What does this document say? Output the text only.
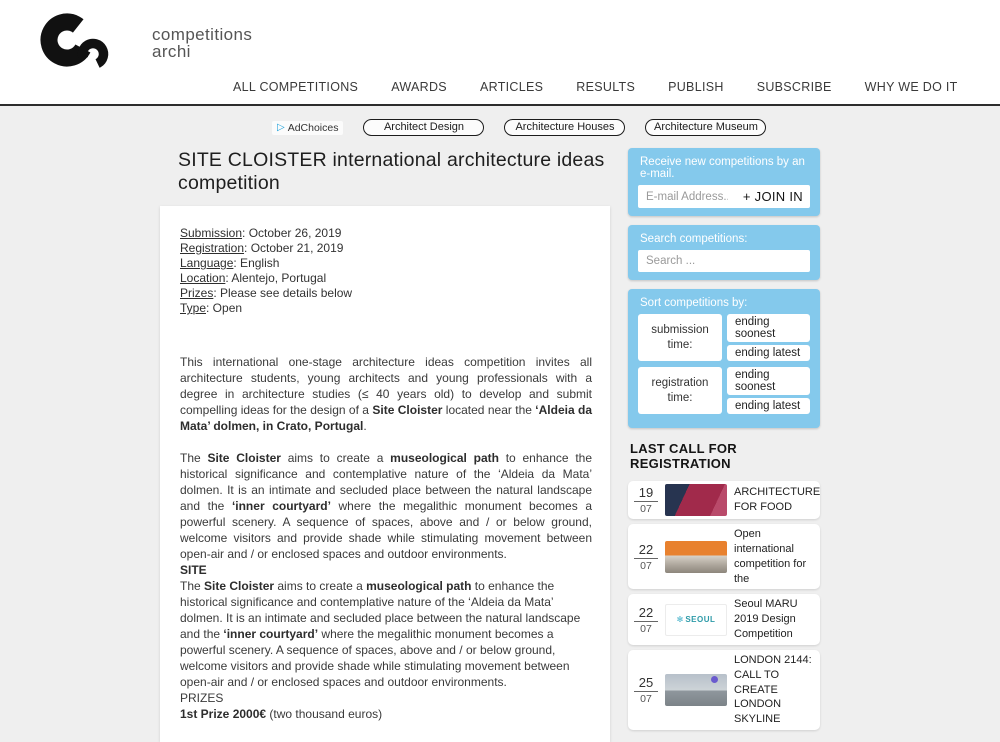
competitions
archi
ALL COMPETITIONS	AWARDS	ARTICLES	RESULTS	PUBLISH	SUBSCRIBE	WHY WE DO IT
▷ AdChoices	Architect Design	Architecture Houses	Architecture Museum
SITE CLOISTER international architecture ideas competition
Submission: October 26, 2019
Registration: October 21, 2019
Language: English
Location: Alentejo, Portugal
Prizes: Please see details below
Type: Open

This international one-stage architecture ideas competition invites all architecture students, young architects and young professionals with a degree in architecture studies (≤ 40 years old) to develop and submit compelling ideas for the design of a Site Cloister located near the ‘Aldeia da Mata’ dolmen, in Crato, Portugal.

The Site Cloister aims to create a museological path to enhance the historical significance and contemplative nature of the ‘Aldeia da Mata’ dolmen. It is an intimate and secluded place between the natural landscape and the ‘inner courtyard’ where the megalithic monument becomes a powerful scenery. A sequence of spaces, above and / or below ground, welcome visitors and provide shade while stimulating movement between open-air and / or enclosed spaces and outdoor environments.

SITE

The Site Cloister aims to create a museological path to enhance the historical significance and contemplative nature of the ‘Aldeia da Mata’ dolmen. It is an intimate and secluded place between the natural landscape and the ‘inner courtyard’ where the megalithic monument becomes a powerful scenery. A sequence of spaces, above and / or below ground, welcome visitors and provide shade while stimulating movement between open-air and / or enclosed spaces and outdoor environments.

PRIZES

1st Prize 2000€ (two thousand euros)

Receive new competitions by an e-mail.
E-mail Address...
+ JOIN IN
Search competitions:
Search ...
Sort competitions by:
submission time:
ending soonest
ending latest
registration time:
ending soonest
ending latest
LAST CALL FOR REGISTRATION
19
07
ARCHITECTURE FOR FOOD
22
07
Open international competition for the
22
07
✻ SEOUL
Seoul MARU 2019 Design Competition
25
07
LONDON 2144: CALL TO CREATE LONDON SKYLINE
